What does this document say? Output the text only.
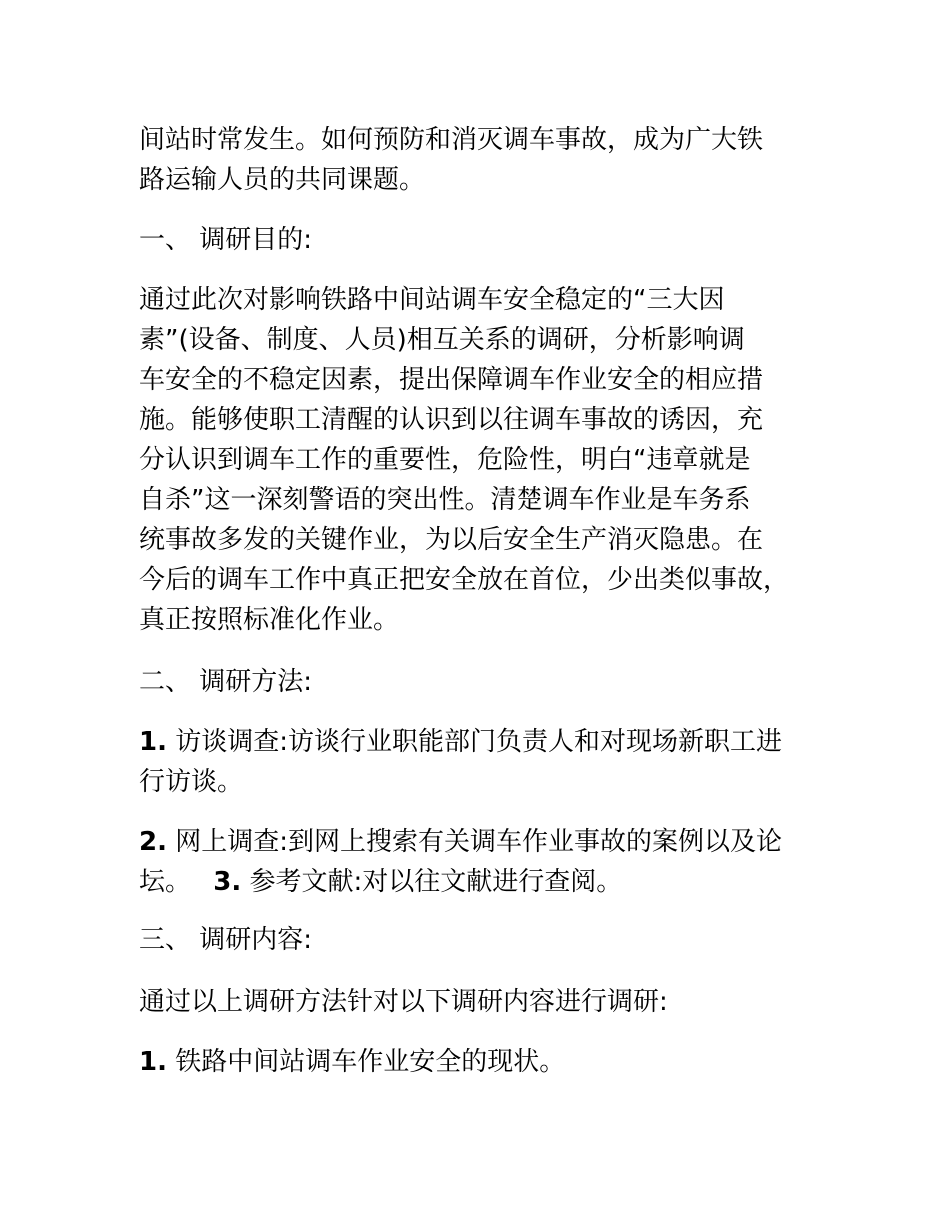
间站时常发生。如何预防和消灭调车事故，成为广大铁
路运输人员的共同课题。
一、 调研目的:
通过此次对影响铁路中间站调车安全稳定的“三大因
素”(设备、制度、人员)相互关系的调研，分析影响调
车安全的不稳定因素，提出保障调车作业安全的相应措
施。能够使职工清醒的认识到以往调车事故的诱因，充
分认识到调车工作的重要性，危险性，明白“违章就是
自杀”这一深刻警语的突出性。清楚调车作业是车务系
统事故多发的关键作业，为以后安全生产消灭隐患。在
今后的调车工作中真正把安全放在首位，少出类似事故，
真正按照标准化作业。
二、 调研方法:
1. 访谈调查:访谈行业职能部门负责人和对现场新职工进
行访谈。
2. 网上调查:到网上搜索有关调车作业事故的案例以及论
坛。 3. 参考文献:对以往文献进行查阅。
三、 调研内容:
通过以上调研方法针对以下调研内容进行调研:
1. 铁路中间站调车作业安全的现状。
